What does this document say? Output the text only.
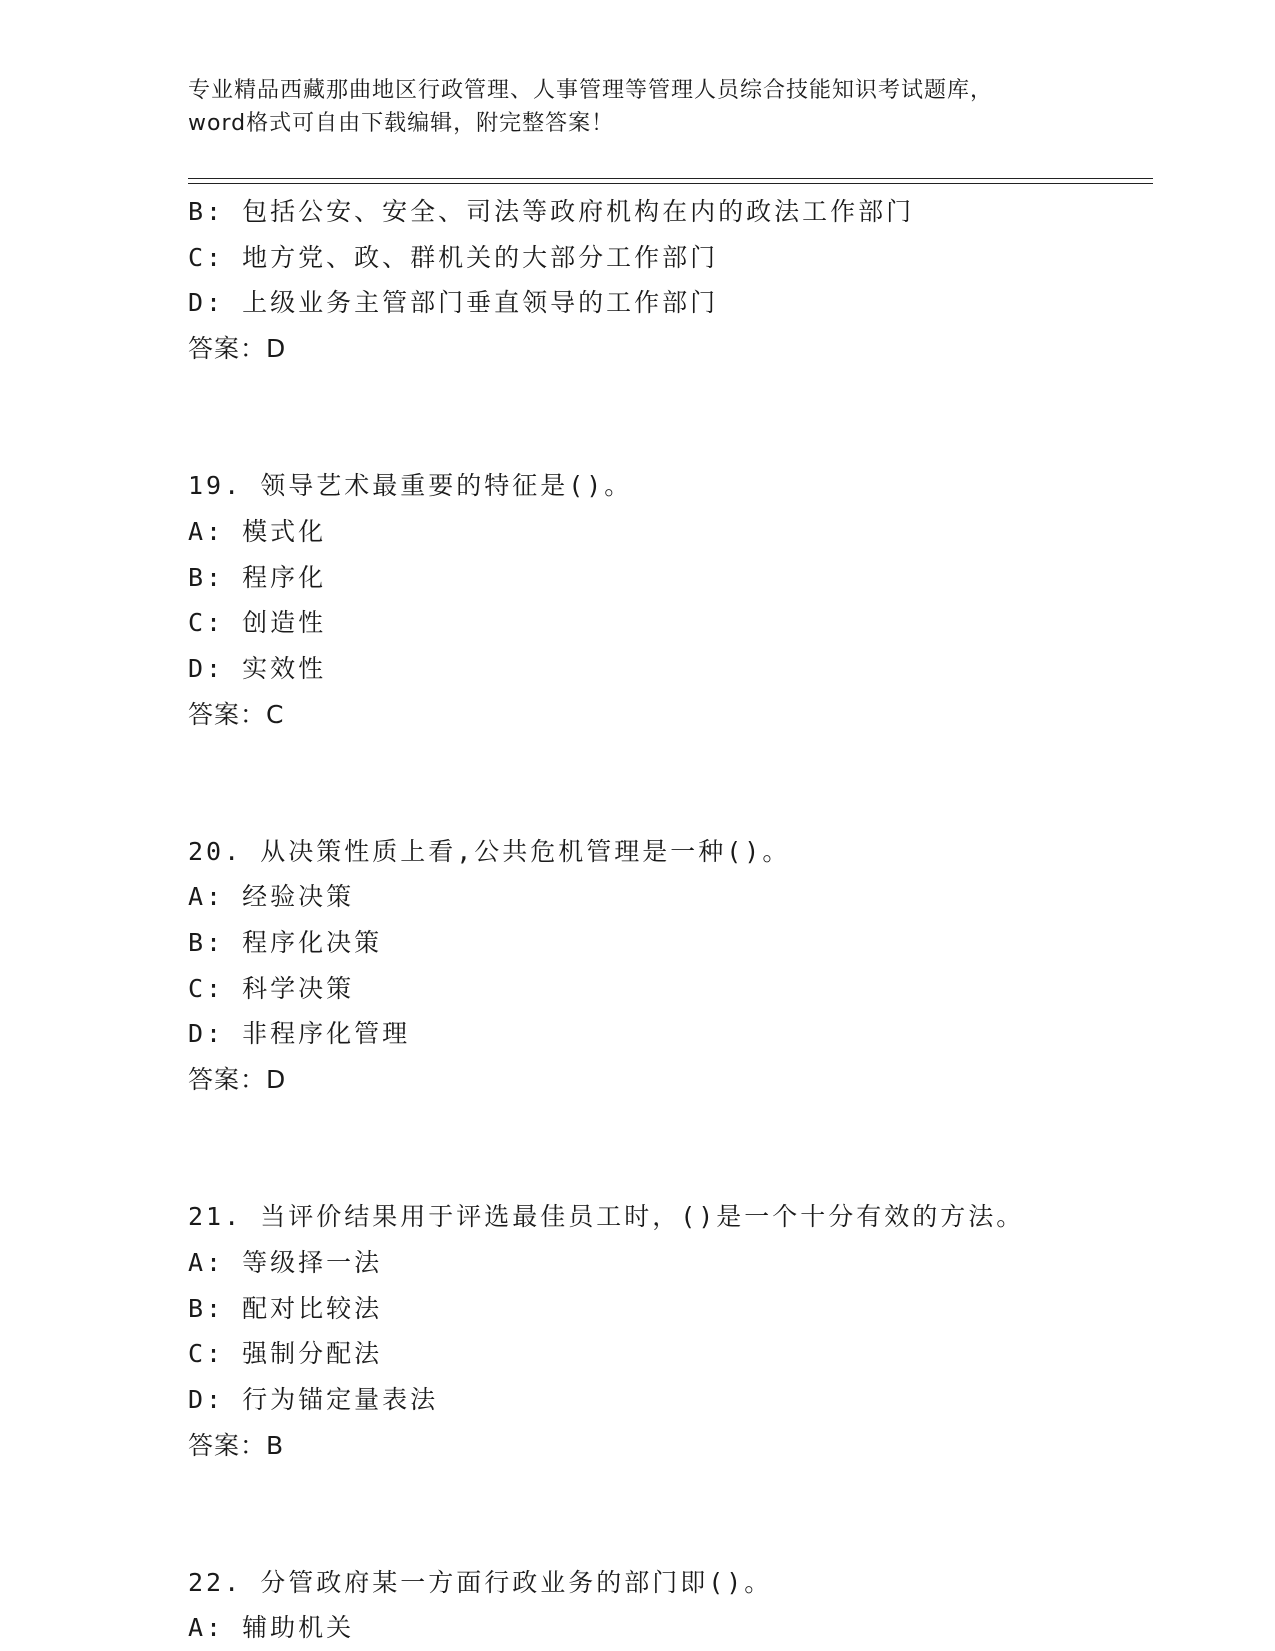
专业精品西藏那曲地区行政管理、人事管理等管理人员综合技能知识考试题库，
word格式可自由下载编辑，附完整答案！
B: 包括公安、安全、司法等政府机构在内的政法工作部门
C: 地方党、政、群机关的大部分工作部门
D: 上级业务主管部门垂直领导的工作部门
答案：D
19. 领导艺术最重要的特征是()。
A: 模式化
B: 程序化
C: 创造性
D: 实效性
答案：C
20. 从决策性质上看,公共危机管理是一种()。
A: 经验决策
B: 程序化决策
C: 科学决策
D: 非程序化管理
答案：D
21. 当评价结果用于评选最佳员工时，()是一个十分有效的方法。
A: 等级择一法
B: 配对比较法
C: 强制分配法
D: 行为锚定量表法
答案：B
22. 分管政府某一方面行政业务的部门即()。
A: 辅助机关
